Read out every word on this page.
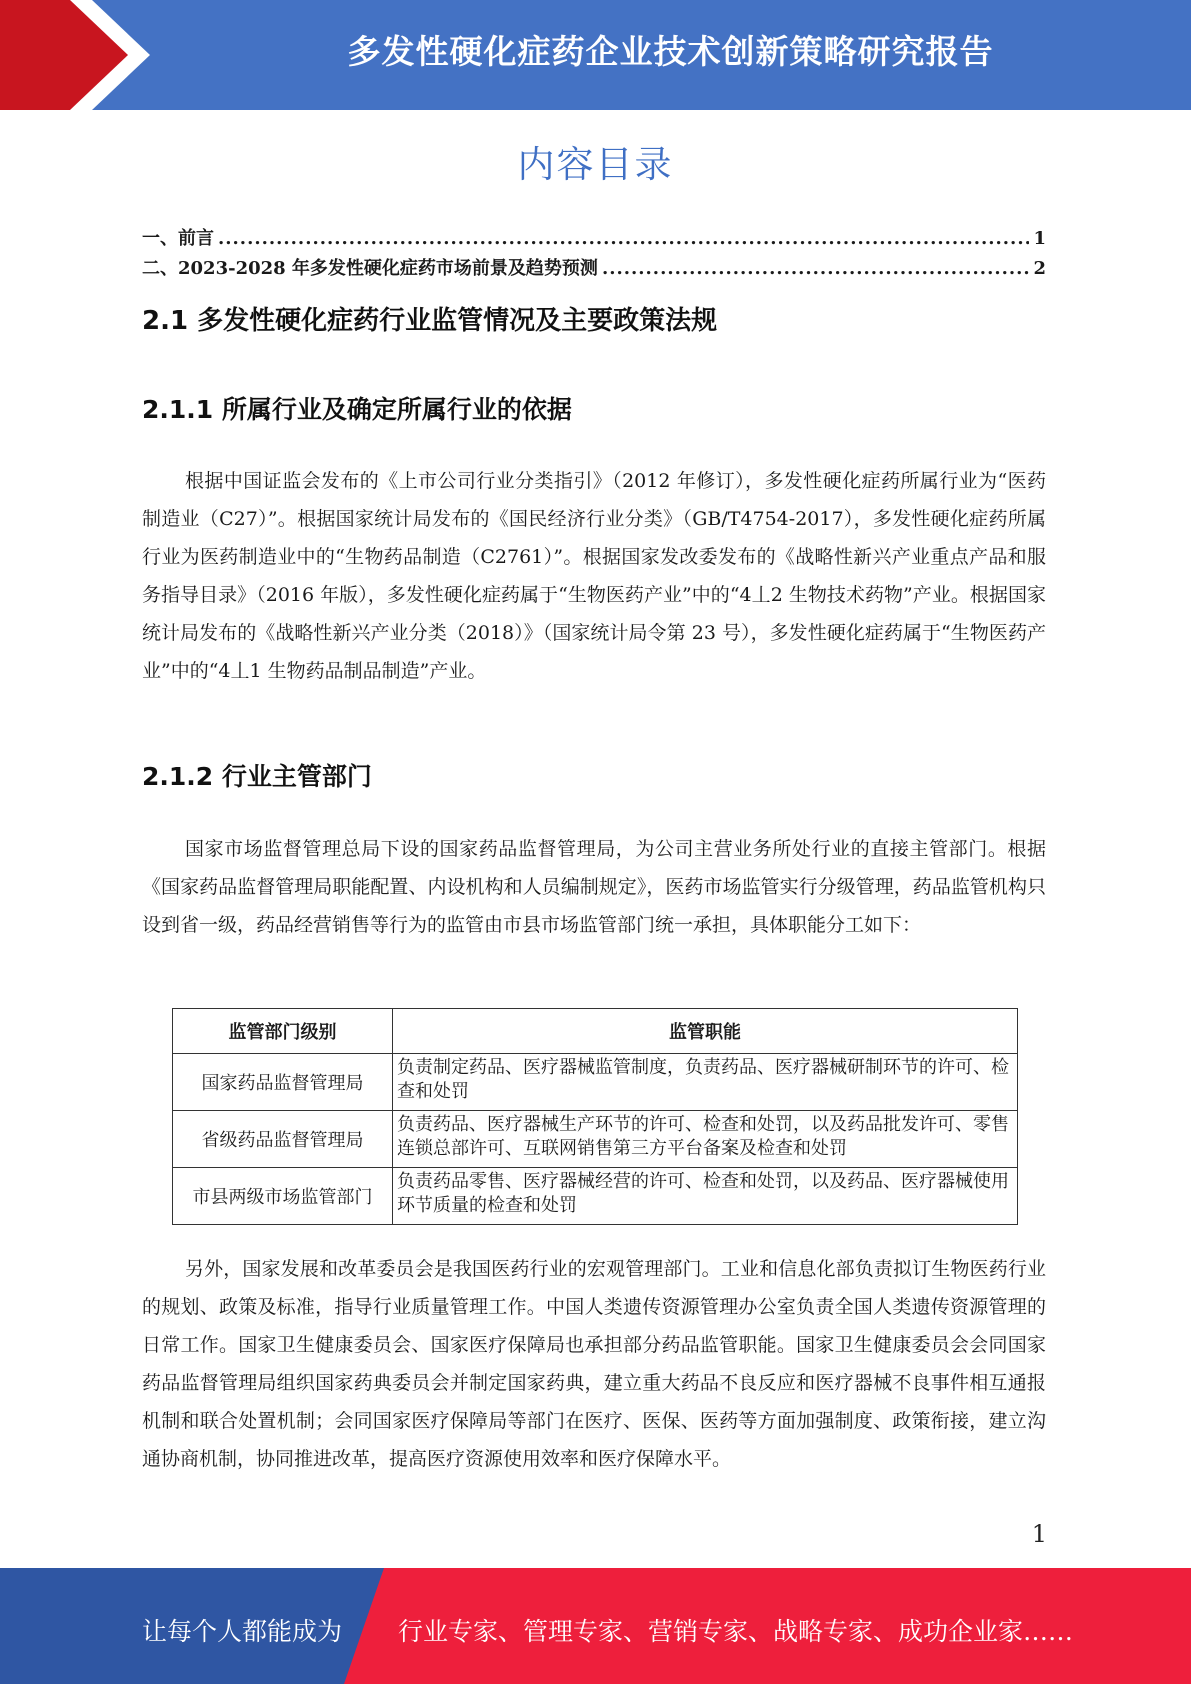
多发性硬化症药企业技术创新策略研究报告
内容目录
一、前言 .....	1
二、2023-2028 年多发性硬化症药市场前景及趋势预测 .....	2
2.1 多发性硬化症药行业监管情况及主要政策法规
2.1.1 所属行业及确定所属行业的依据

根据中国证监会发布的《上市公司行业分类指引》（2012 年修订），多发性硬化症药所属行业为“医药制造业（C27）”。根据国家统计局发布的《国民经济行业分类》（GB/T4754-2017），多发性硬化症药所属行业为医药制造业中的“生物药品制造（C2761）”。根据国家发改委发布的《战略性新兴产业重点产品和服务指导目录》（2016 年版），多发性硬化症药属于“生物医药产业”中的“4丄2 生物技术药物”产业。根据国家统计局发布的《战略性新兴产业分类（2018）》（国家统计局令第 23 号），多发性硬化症药属于“生物医药产业”中的“4丄1 生物药品制品制造”产业。

2.1.2 行业主管部门

国家市场监督管理总局下设的国家药品监督管理局，为公司主营业务所处行业的直接主管部门。根据《国家药品监督管理局职能配置、内设机构和人员编制规定》，医药市场监管实行分级管理，药品监管机构只设到省一级，药品经营销售等行为的监管由市县市场监管部门统一承担，具体职能分工如下：

监管部门级别	监管职能
国家药品监督管理局	负责制定药品、医疗器械监管制度，负责药品、医疗器械研制环节的许可、检查和处罚
省级药品监督管理局	负责药品、医疗器械生产环节的许可、检查和处罚，以及药品批发许可、零售连锁总部许可、互联网销售第三方平台备案及检查和处罚
市县两级市场监管部门	负责药品零售、医疗器械经营的许可、检查和处罚，以及药品、医疗器械使用环节质量的检查和处罚

另外，国家发展和改革委员会是我国医药行业的宏观管理部门。工业和信息化部负责拟订生物医药行业的规划、政策及标准，指导行业质量管理工作。中国人类遗传资源管理办公室负责全国人类遗传资源管理的日常工作。国家卫生健康委员会、国家医疗保障局也承担部分药品监管职能。国家卫生健康委员会会同国家药品监督管理局组织国家药典委员会并制定国家药典，建立重大药品不良反应和医疗器械不良事件相互通报机制和联合处置机制；会同国家医疗保障局等部门在医疗、医保、医药等方面加强制度、政策衔接，建立沟通协商机制，协同推进改革，提高医疗资源使用效率和医疗保障水平。

1
让每个人都能成为 行业专家、管理专家、营销专家、战略专家、成功企业家……
